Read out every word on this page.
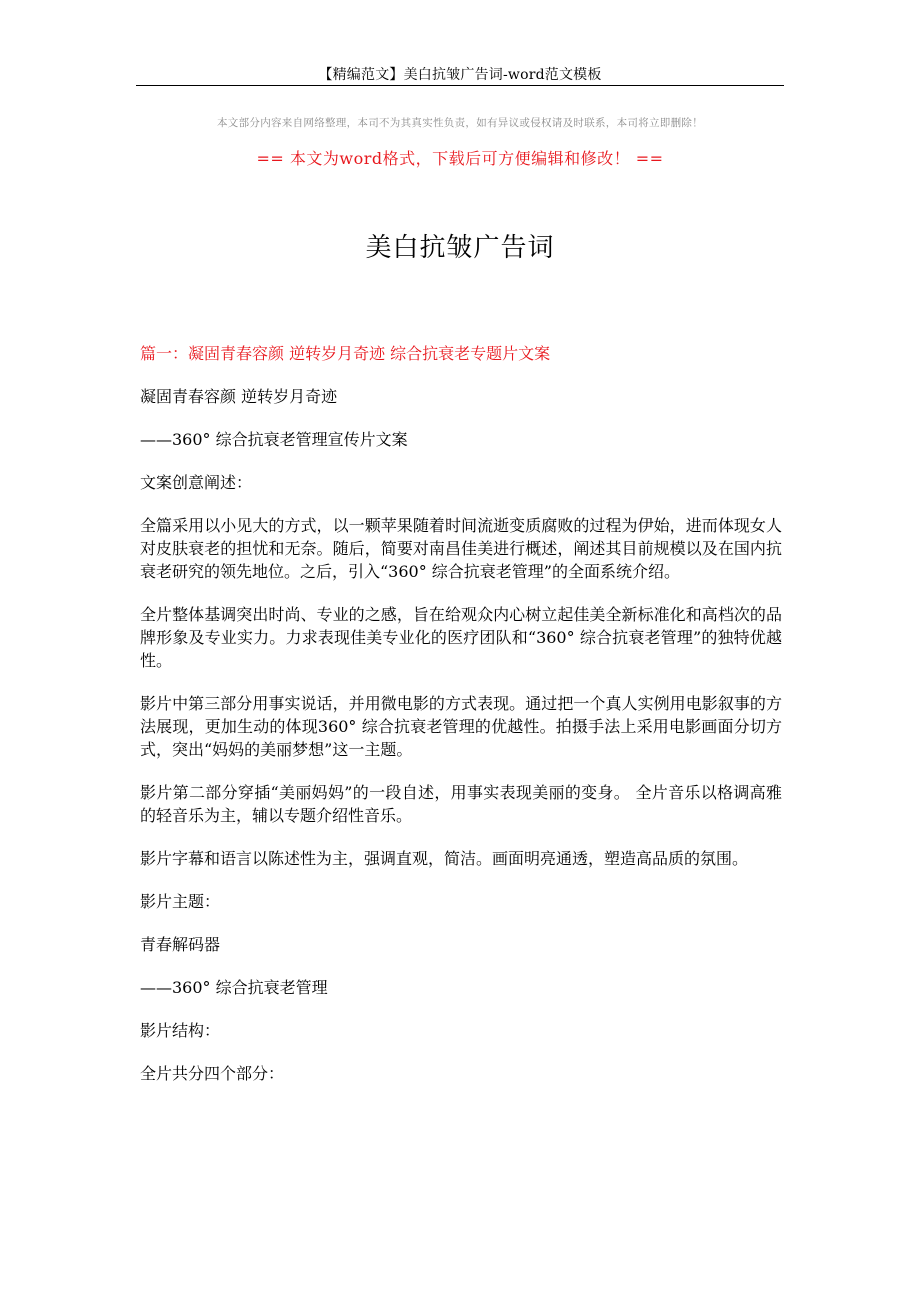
【精编范文】美白抗皱广告词-word范文模板
本文部分内容来自网络整理，本司不为其真实性负责，如有异议或侵权请及时联系，本司将立即删除！
== 本文为word格式，下载后可方便编辑和修改！ ==
美白抗皱广告词

篇一：凝固青春容颜 逆转岁月奇迹 综合抗衰老专题片文案

凝固青春容颜 逆转岁月奇迹

——360° 综合抗衰老管理宣传片文案

文案创意阐述：

全篇采用以小见大的方式，以一颗苹果随着时间流逝变质腐败的过程为伊始，进而体现女人对皮肤衰老的担忧和无奈。随后，简要对南昌佳美进行概述，阐述其目前规模以及在国内抗衰老研究的领先地位。之后，引入“360° 综合抗衰老管理”的全面系统介绍。

全片整体基调突出时尚、专业的之感，旨在给观众内心树立起佳美全新标准化和高档次的品牌形象及专业实力。力求表现佳美专业化的医疗团队和“360° 综合抗衰老管理”的独特优越性。

影片中第三部分用事实说话，并用微电影的方式表现。通过把一个真人实例用电影叙事的方法展现，更加生动的体现360° 综合抗衰老管理的优越性。拍摄手法上采用电影画面分切方式，突出“妈妈的美丽梦想”这一主题。

影片第二部分穿插“美丽妈妈”的一段自述，用事实表现美丽的变身。 全片音乐以格调高雅的轻音乐为主，辅以专题介绍性音乐。

影片字幕和语言以陈述性为主，强调直观，简洁。画面明亮通透，塑造高品质的氛围。

影片主题：

青春解码器

——360° 综合抗衰老管理

影片结构：

全片共分四个部分：
